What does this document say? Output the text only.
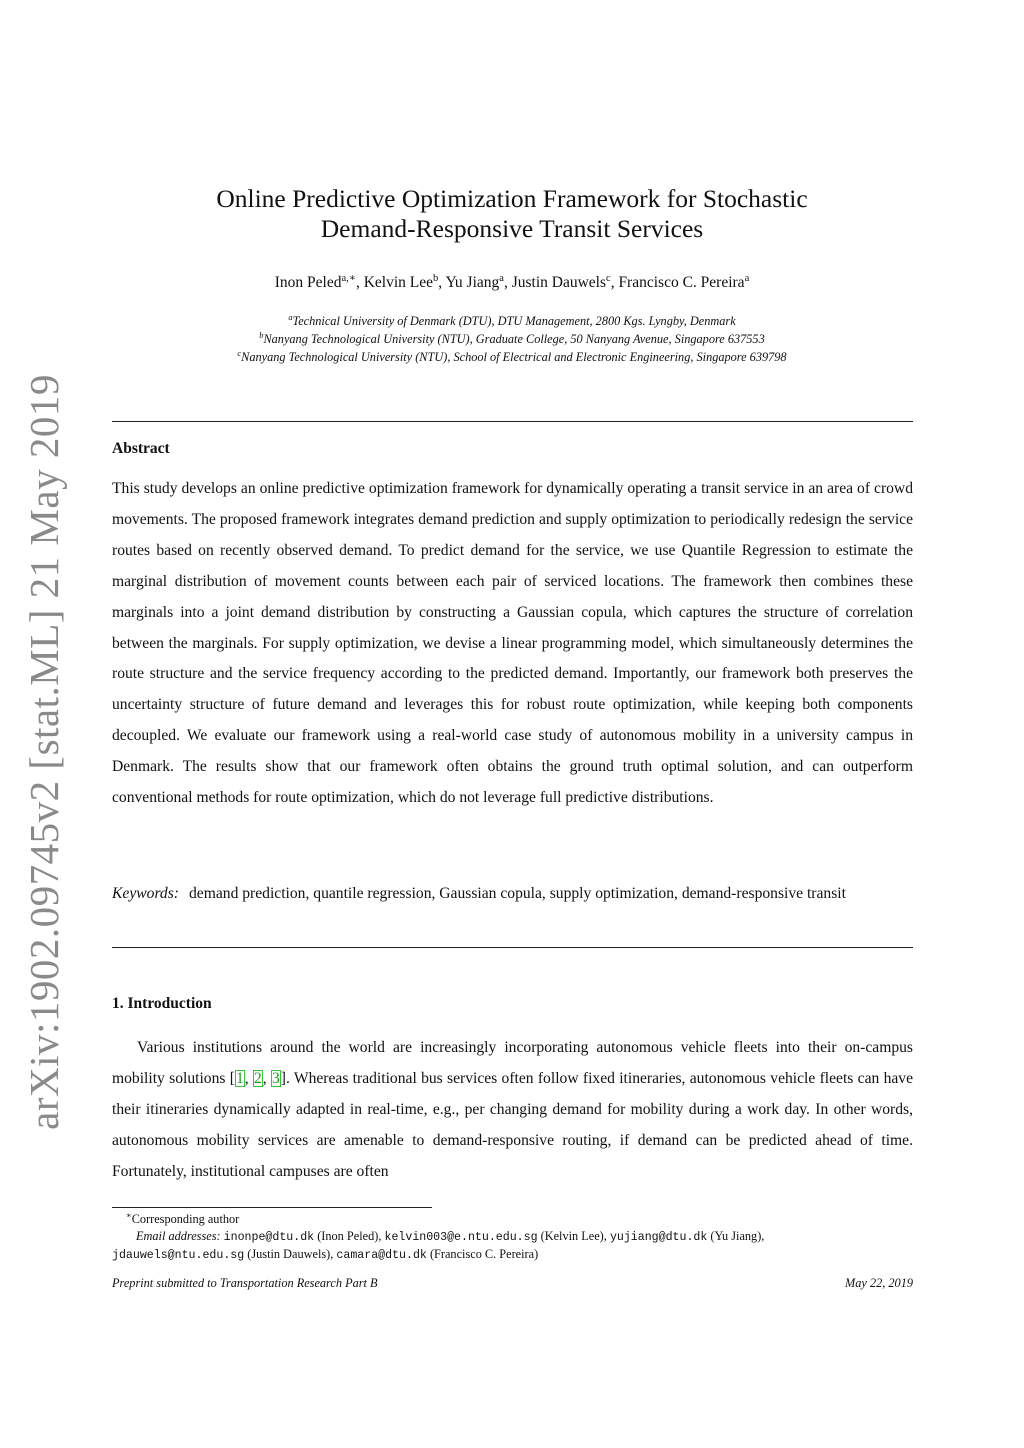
arXiv:1902.09745v2 [stat.ML] 21 May 2019
Online Predictive Optimization Framework for Stochastic
Demand-Responsive Transit Services
Inon Peled$^{a,∗}$, Kelvin Lee$^b$, Yu Jiang$^a$, Justin Dauwels$^c$, Francisco C. Pereira$^a$
$^a$Technical University of Denmark (DTU), DTU Management, 2800 Kgs. Lyngby, Denmark
$^b$Nanyang Technological University (NTU), Graduate College, 50 Nanyang Avenue, Singapore 637553
$^c$Nanyang Technological University (NTU), School of Electrical and Electronic Engineering, Singapore 639798
Abstract
This study develops an online predictive optimization framework for dynamically operating a transit service in an area of crowd movements. The proposed framework integrates demand prediction and supply optimization to periodically redesign the service routes based on recently observed demand. To predict demand for the service, we use Quantile Regression to estimate the marginal distribution of movement counts between each pair of serviced locations. The framework then combines these marginals into a joint demand distribution by constructing a Gaussian copula, which captures the structure of correlation between the marginals. For supply optimization, we devise a linear programming model, which simultaneously determines the route structure and the service frequency according to the predicted demand. Importantly, our framework both preserves the uncertainty structure of future demand and leverages this for robust route optimization, while keeping both components decoupled. We evaluate our framework using a real-world case study of autonomous mobility in a university campus in Denmark. The results show that our framework often obtains the ground truth optimal solution, and can outperform conventional methods for route optimization, which do not leverage full predictive distributions.
Keywords: demand prediction, quantile regression, Gaussian copula, supply optimization, demand-responsive transit
1. Introduction
Various institutions around the world are increasingly incorporating autonomous vehicle fleets into their on-campus mobility solutions [1, 2, 3]. Whereas traditional bus services often follow fixed itineraries, autonomous vehicle fleets can have their itineraries dynamically adapted in real-time, e.g., per changing demand for mobility during a work day. In other words, autonomous mobility services are amenable to demand-responsive routing, if demand can be predicted ahead of time. Fortunately, institutional campuses are often
∗Corresponding author
Email addresses: inonpe@dtu.dk (Inon Peled), kelvin003@e.ntu.edu.sg (Kelvin Lee), yujiang@dtu.dk (Yu Jiang),
jdauwels@ntu.edu.sg (Justin Dauwels), camara@dtu.dk (Francisco C. Pereira)
Preprint submitted to Transportation Research Part B	May 22, 2019
